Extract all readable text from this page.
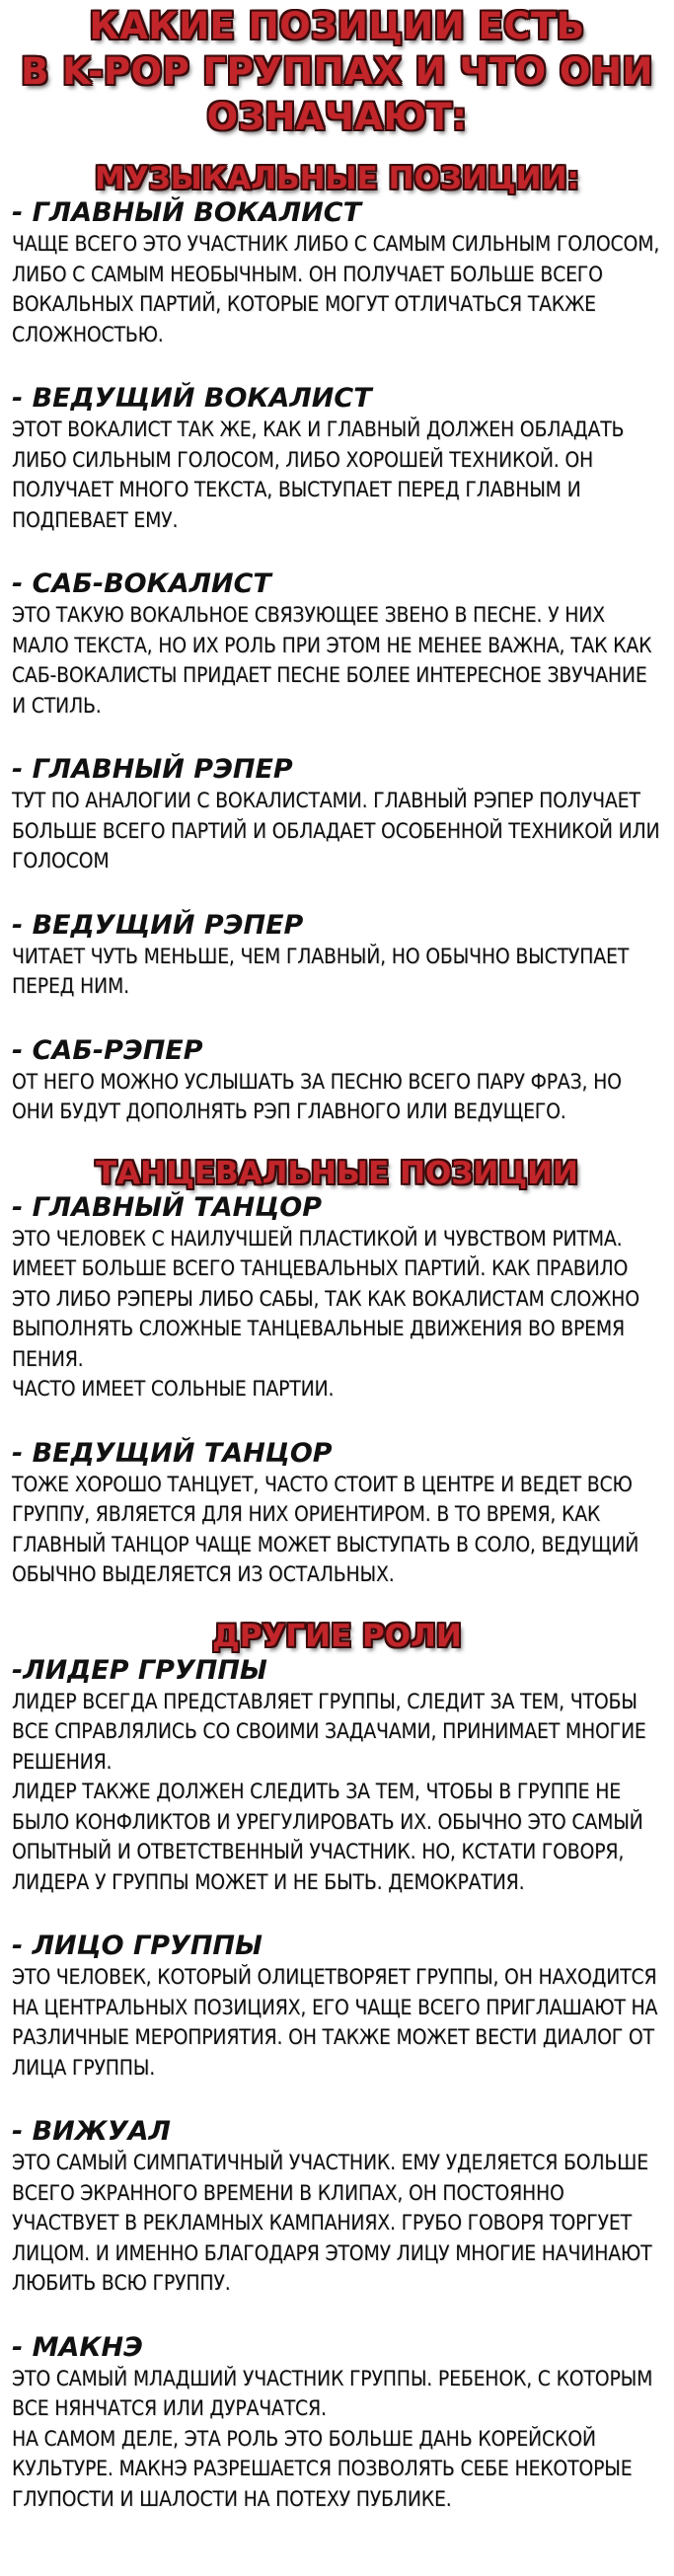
КАКИЕ ПОЗИЦИИ ЕСТЬ
В K-POP ГРУППАХ И ЧТО ОНИ
ОЗНАЧАЮТ:
МУЗЫКАЛЬНЫЕ ПОЗИЦИИ:
- ГЛАВНЫЙ ВОКАЛИСТ

ЧАЩЕ ВСЕГО ЭТО УЧАСТНИК ЛИБО С САМЫМ СИЛЬНЫМ ГОЛОСОМ, ЛИБО С САМЫМ НЕОБЫЧНЫМ. ОН ПОЛУЧАЕТ БОЛЬШЕ ВСЕГО ВОКАЛЬНЫХ ПАРТИЙ, КОТОРЫЕ МОГУТ ОТЛИЧАТЬСЯ ТАКЖЕ СЛОЖНОСТЬЮ.

- ВЕДУЩИЙ ВОКАЛИСТ

ЭТОТ ВОКАЛИСТ ТАК ЖЕ, КАК И ГЛАВНЫЙ ДОЛЖЕН ОБЛАДАТЬ ЛИБО СИЛЬНЫМ ГОЛОСОМ, ЛИБО ХОРОШЕЙ ТЕХНИКОЙ. ОН ПОЛУЧАЕТ МНОГО ТЕКСТА, ВЫСТУПАЕТ ПЕРЕД ГЛАВНЫМ И ПОДПЕВАЕТ ЕМУ.

- САБ-ВОКАЛИСТ

ЭТО ТАКУЮ ВОКАЛЬНОЕ СВЯЗУЮЩЕЕ ЗВЕНО В ПЕСНЕ. У НИХ МАЛО ТЕКСТА, НО ИХ РОЛЬ ПРИ ЭТОМ НЕ МЕНЕЕ ВАЖНА, ТАК КАК САБ-ВОКАЛИСТЫ ПРИДАЕТ ПЕСНЕ БОЛЕЕ ИНТЕРЕСНОЕ ЗВУЧАНИЕ И СТИЛЬ.

- ГЛАВНЫЙ РЭПЕР

ТУТ ПО АНАЛОГИИ С ВОКАЛИСТАМИ. ГЛАВНЫЙ РЭПЕР ПОЛУЧАЕТ БОЛЬШЕ ВСЕГО ПАРТИЙ И ОБЛАДАЕТ ОСОБЕННОЙ ТЕХНИКОЙ ИЛИ ГОЛОСОМ

- ВЕДУЩИЙ РЭПЕР

ЧИТАЕТ ЧУТЬ МЕНЬШЕ, ЧЕМ ГЛАВНЫЙ, НО ОБЫЧНО ВЫСТУПАЕТ ПЕРЕД НИМ.

- САБ-РЭПЕР

ОТ НЕГО МОЖНО УСЛЫШАТЬ ЗА ПЕСНЮ ВСЕГО ПАРУ ФРАЗ, НО ОНИ БУДУТ ДОПОЛНЯТЬ РЭП ГЛАВНОГО ИЛИ ВЕДУЩЕГО.

ТАНЦЕВАЛЬНЫЕ ПОЗИЦИИ
- ГЛАВНЫЙ ТАНЦОР

ЭТО ЧЕЛОВЕК С НАИЛУЧШЕЙ ПЛАСТИКОЙ И ЧУВСТВОМ РИТМА. ИМЕЕТ БОЛЬШЕ ВСЕГО ТАНЦЕВАЛЬНЫХ ПАРТИЙ. КАК ПРАВИЛО ЭТО ЛИБО РЭПЕРЫ ЛИБО САБЫ, ТАК КАК ВОКАЛИСТАМ СЛОЖНО ВЫПОЛНЯТЬ СЛОЖНЫЕ ТАНЦЕВАЛЬНЫЕ ДВИЖЕНИЯ ВО ВРЕМЯ ПЕНИЯ.

ЧАСТО ИМЕЕТ СОЛЬНЫЕ ПАРТИИ.

- ВЕДУЩИЙ ТАНЦОР

ТОЖЕ ХОРОШО ТАНЦУЕТ, ЧАСТО СТОИТ В ЦЕНТРЕ И ВЕДЕТ ВСЮ ГРУППУ, ЯВЛЯЕТСЯ ДЛЯ НИХ ОРИЕНТИРОМ. В ТО ВРЕМЯ, КАК ГЛАВНЫЙ ТАНЦОР ЧАЩЕ МОЖЕТ ВЫСТУПАТЬ В СОЛО, ВЕДУЩИЙ ОБЫЧНО ВЫДЕЛЯЕТСЯ ИЗ ОСТАЛЬНЫХ.

ДРУГИЕ РОЛИ
-ЛИДЕР ГРУППЫ

ЛИДЕР ВСЕГДА ПРЕДСТАВЛЯЕТ ГРУППЫ, СЛЕДИТ ЗА ТЕМ, ЧТОБЫ ВСЕ СПРАВЛЯЛИСЬ СО СВОИМИ ЗАДАЧАМИ, ПРИНИМАЕТ МНОГИЕ РЕШЕНИЯ.

ЛИДЕР ТАКЖЕ ДОЛЖЕН СЛЕДИТЬ ЗА ТЕМ, ЧТОБЫ В ГРУППЕ НЕ БЫЛО КОНФЛИКТОВ И УРЕГУЛИРОВАТЬ ИХ. ОБЫЧНО ЭТО САМЫЙ ОПЫТНЫЙ И ОТВЕТСТВЕННЫЙ УЧАСТНИК. НО, КСТАТИ ГОВОРЯ, ЛИДЕРА У ГРУППЫ МОЖЕТ И НЕ БЫТЬ. ДЕМОКРАТИЯ.

- ЛИЦО ГРУППЫ

ЭТО ЧЕЛОВЕК, КОТОРЫЙ ОЛИЦЕТВОРЯЕТ ГРУППЫ, ОН НАХОДИТСЯ НА ЦЕНТРАЛЬНЫХ ПОЗИЦИЯХ, ЕГО ЧАЩЕ ВСЕГО ПРИГЛАШАЮТ НА РАЗЛИЧНЫЕ МЕРОПРИЯТИЯ. ОН ТАКЖЕ МОЖЕТ ВЕСТИ ДИАЛОГ ОТ ЛИЦА ГРУППЫ.

- ВИЖУАЛ

ЭТО САМЫЙ СИМПАТИЧНЫЙ УЧАСТНИК. ЕМУ УДЕЛЯЕТСЯ БОЛЬШЕ ВСЕГО ЭКРАННОГО ВРЕМЕНИ В КЛИПАХ, ОН ПОСТОЯННО УЧАСТВУЕТ В РЕКЛАМНЫХ КАМПАНИЯХ. ГРУБО ГОВОРЯ ТОРГУЕТ ЛИЦОМ. И ИМЕННО БЛАГОДАРЯ ЭТОМУ ЛИЦУ МНОГИЕ НАЧИНАЮТ ЛЮБИТЬ ВСЮ ГРУППУ.

- МАКНЭ

ЭТО САМЫЙ МЛАДШИЙ УЧАСТНИК ГРУППЫ. РЕБЕНОК, С КОТОРЫМ ВСЕ НЯНЧАТСЯ ИЛИ ДУРАЧАТСЯ.

НА САМОМ ДЕЛЕ, ЭТА РОЛЬ ЭТО БОЛЬШЕ ДАНЬ КОРЕЙСКОЙ КУЛЬТУРЕ. МАКНЭ РАЗРЕШАЕТСЯ ПОЗВОЛЯТЬ СЕБЕ НЕКОТОРЫЕ ГЛУПОСТИ И ШАЛОСТИ НА ПОТЕХУ ПУБЛИКЕ.
